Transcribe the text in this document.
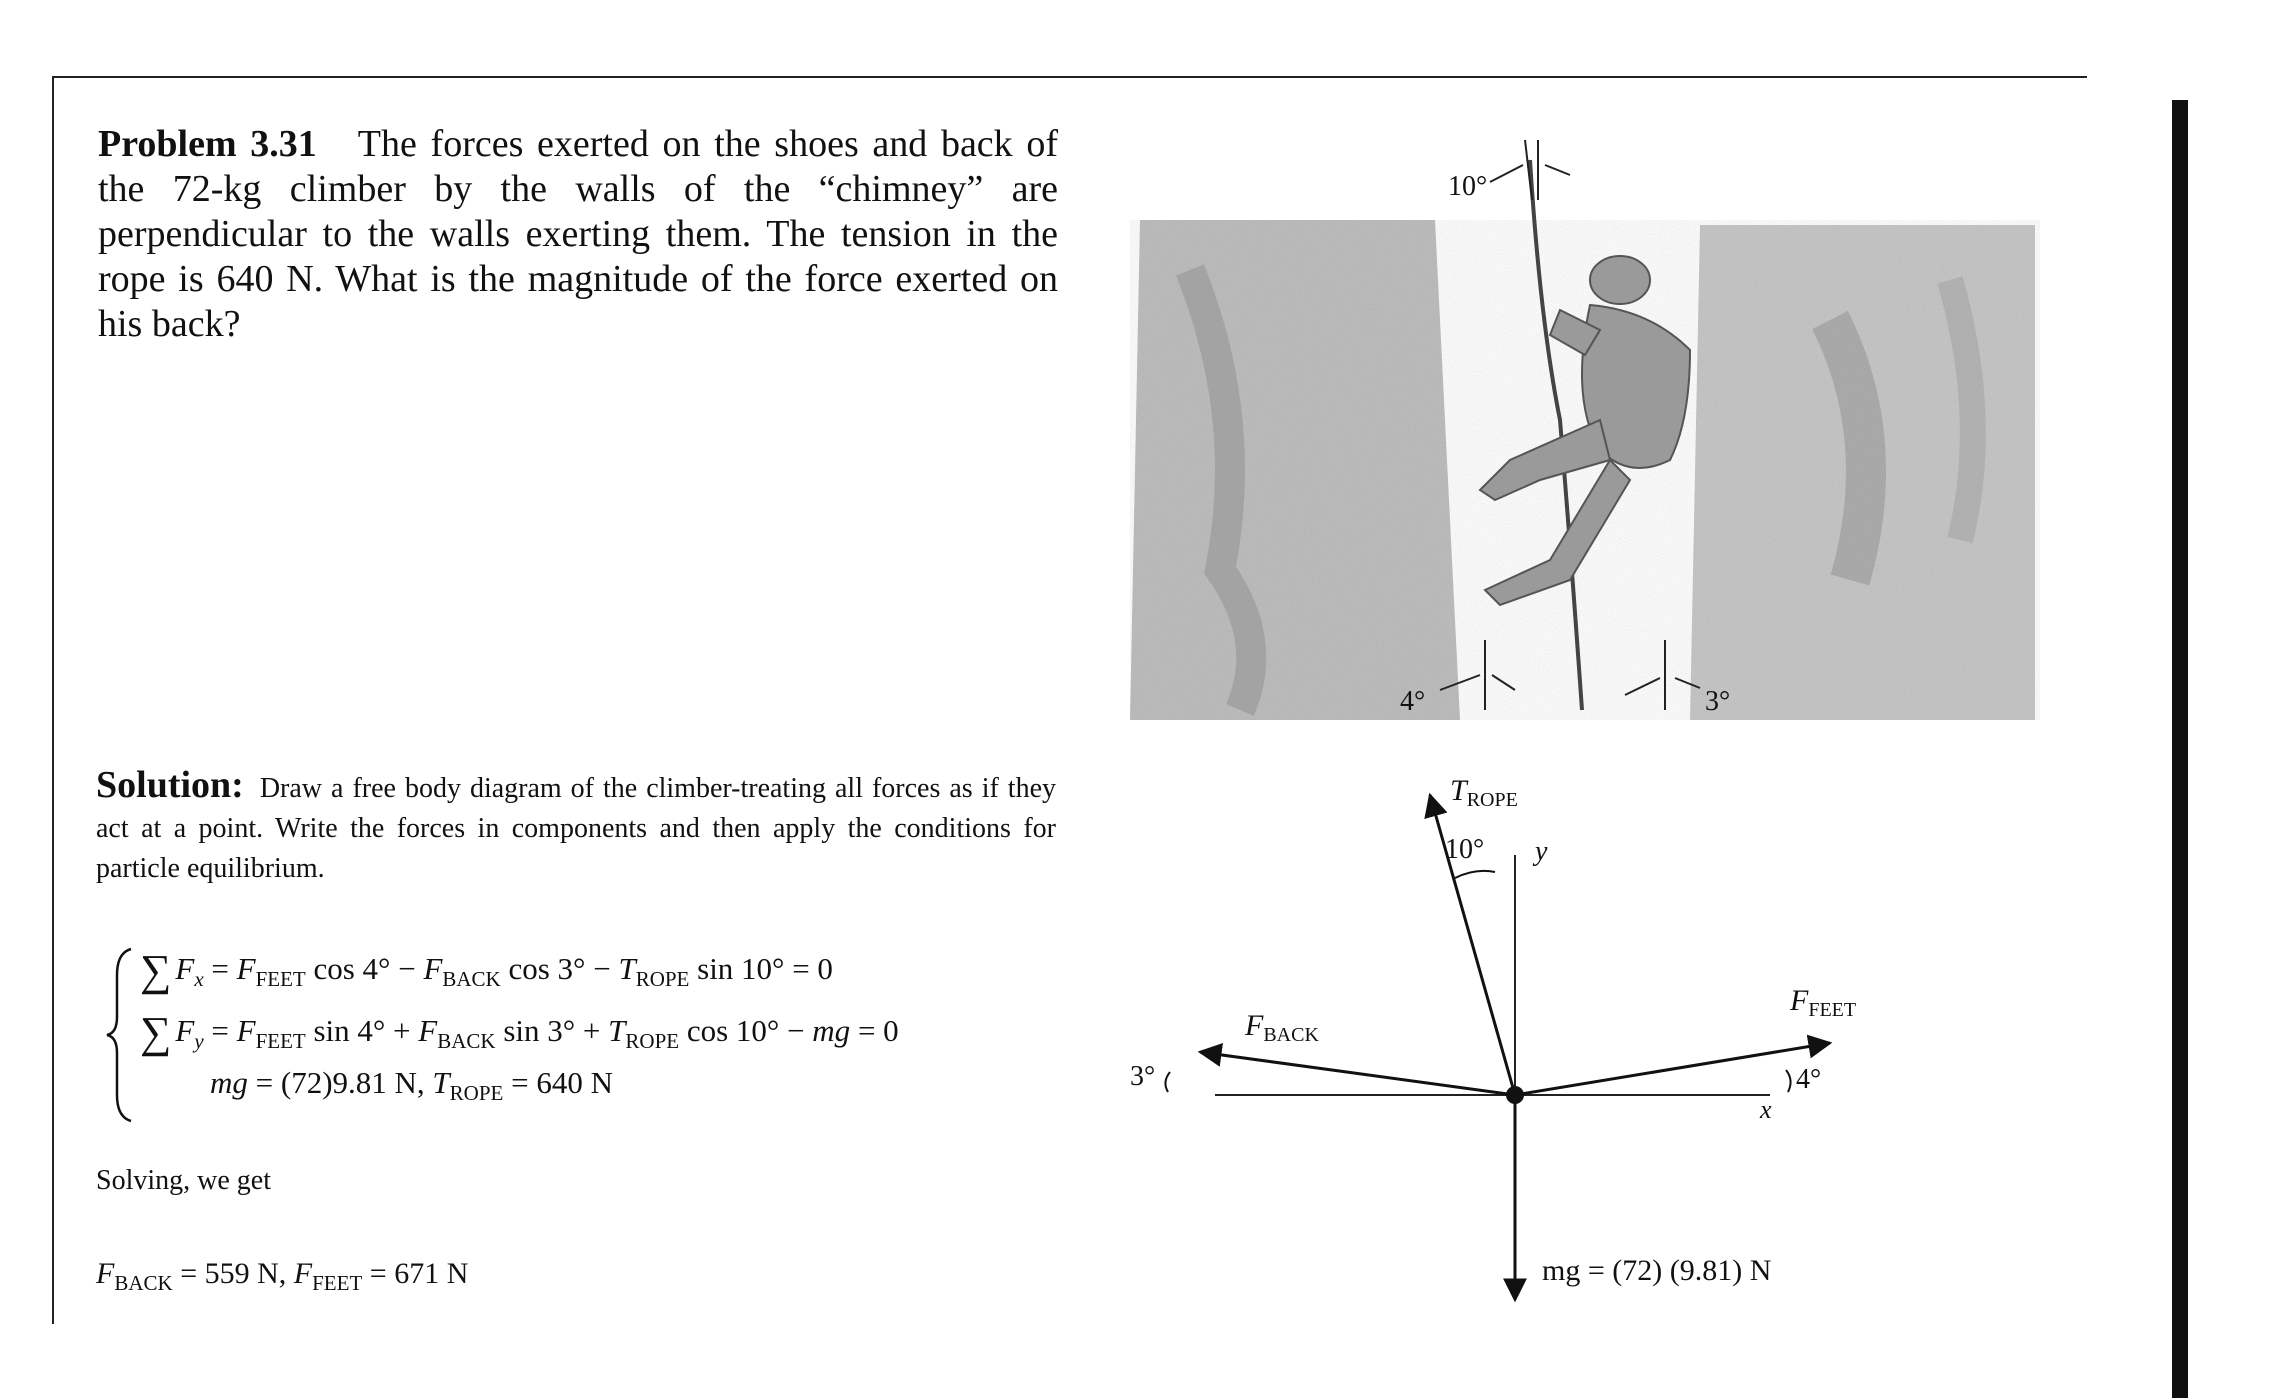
Problem 3.31 The forces exerted on the shoes and back of the 72-kg climber by the walls of the “chimney” are perpendicular to the walls exerting them. The tension in the rope is 640 N. What is the magnitude of the force exerted on his back?
10°
4°	3°
Solution: Draw a free body diagram of the climber-treating all forces as if they act at a point. Write the forces in components and then apply the conditions for particle equilibrium.
∑ $F_x = F_{FEET}$ $\cos 4^\circ - F_{BACK}$ $\cos 3^\circ - T_{ROPE}$ sin 10° = 0
∑ $F_y = F_{FEET}$ $\sin 4^\circ + F_{BACK}$ $\sin 3^\circ + T_{ROPE}$ cos 10° − mg = 0
mg = (72)9.81 N, $T_{ROPE} = 640$ N
Solving, we get
$F_{BACK} = 559$ N, $F_{FEET} = 671$ N
$T_{ROPE}$
10° y
$F_{BACK}$
$F_{FEET}$
3°	4°
x
mg = (72) (9.81) N
